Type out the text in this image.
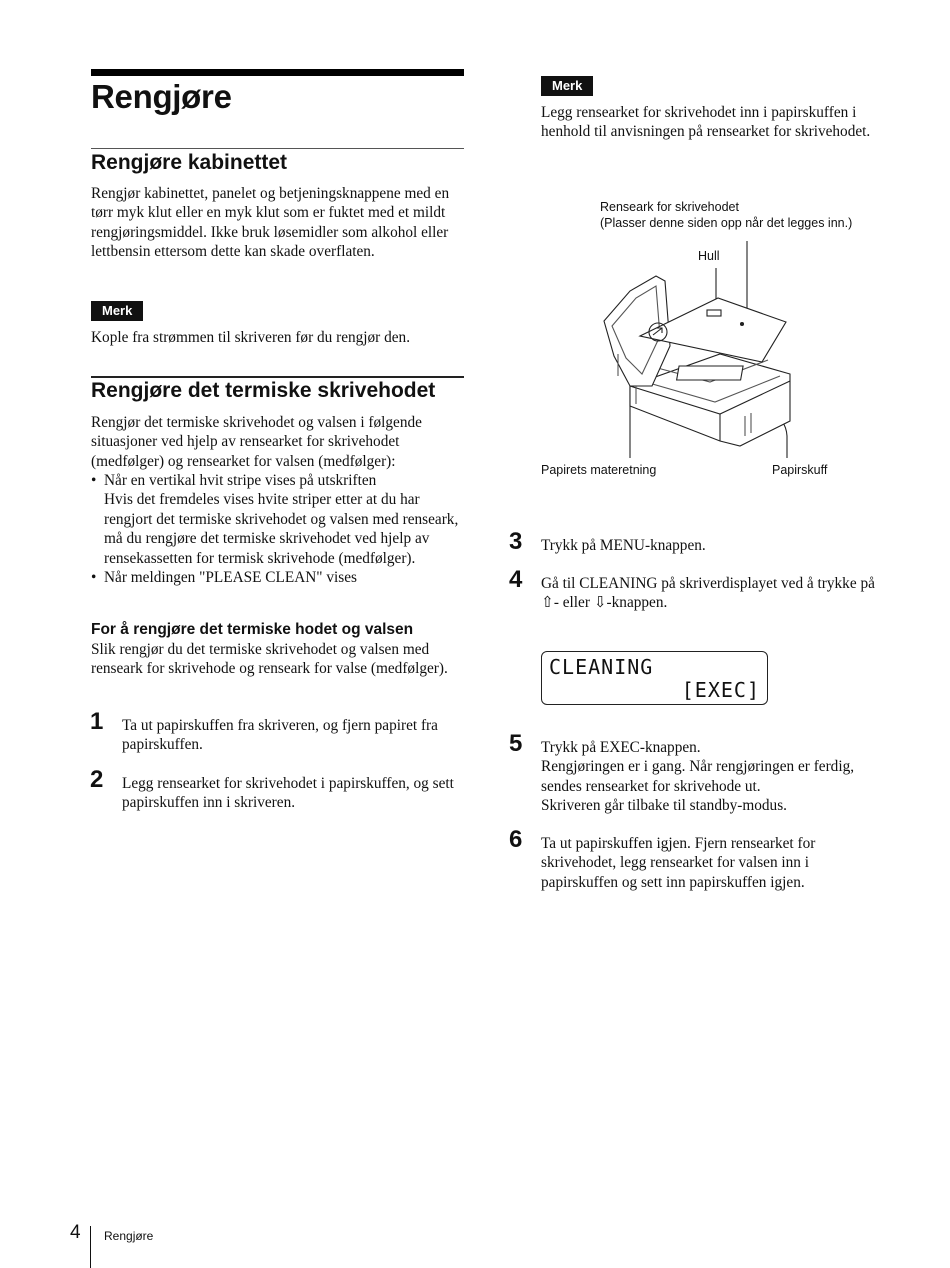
Rengjøre
Rengjøre kabinettet
Rengjør kabinettet, panelet og betjeningsknappene med en tørr myk klut eller en myk klut som er fuktet med et mildt rengjøringsmiddel. Ikke bruk løsemidler som alkohol eller lettbensin ettersom dette kan skade overflaten.
Merk
Kople fra strømmen til skriveren før du rengjør den.
Rengjøre det termiske skrivehodet
Rengjør det termiske skrivehodet og valsen i følgende situasjoner ved hjelp av rensearket for skrivehodet (medfølger) og rensearket for valsen (medfølger):
• Når en vertikal hvit stripe vises på utskriften
Hvis det fremdeles vises hvite striper etter at du har rengjort det termiske skrivehodet og valsen med renseark, må du rengjøre det termiske skrivehodet ved hjelp av rensekassetten for termisk skrivehode (medfølger).
• Når meldingen "PLEASE CLEAN" vises
For å rengjøre det termiske hodet og valsen
Slik rengjør du det termiske skrivehodet og valsen med renseark for skrivehode og renseark for valse (medfølger).
1 Ta ut papirskuffen fra skriveren, og fjern papiret fra papirskuffen.
2 Legg rensearket for skrivehodet i papirskuffen, og sett papirskuffen inn i skriveren.
Merk
Legg rensearket for skrivehodet inn i papirskuffen i henhold til anvisningen på rensearket for skrivehodet.
Renseark for skrivehodet
(Plasser denne siden opp når det legges inn.)
Hull
Papirets materetning	Papirskuff
3 Trykk på MENU-knappen.
4 Gå til CLEANING på skriverdisplayet ved å trykke på ⇧- eller ⇩-knappen.
CLEANING
[EXEC]
5 Trykk på EXEC-knappen.
Rengjøringen er i gang. Når rengjøringen er ferdig, sendes rensearket for skrivehode ut.
Skriveren går tilbake til standby-modus.
6 Ta ut papirskuffen igjen. Fjern rensearket for skrivehodet, legg rensearket for valsen inn i papirskuffen og sett inn papirskuffen igjen.
4 Rengjøre
